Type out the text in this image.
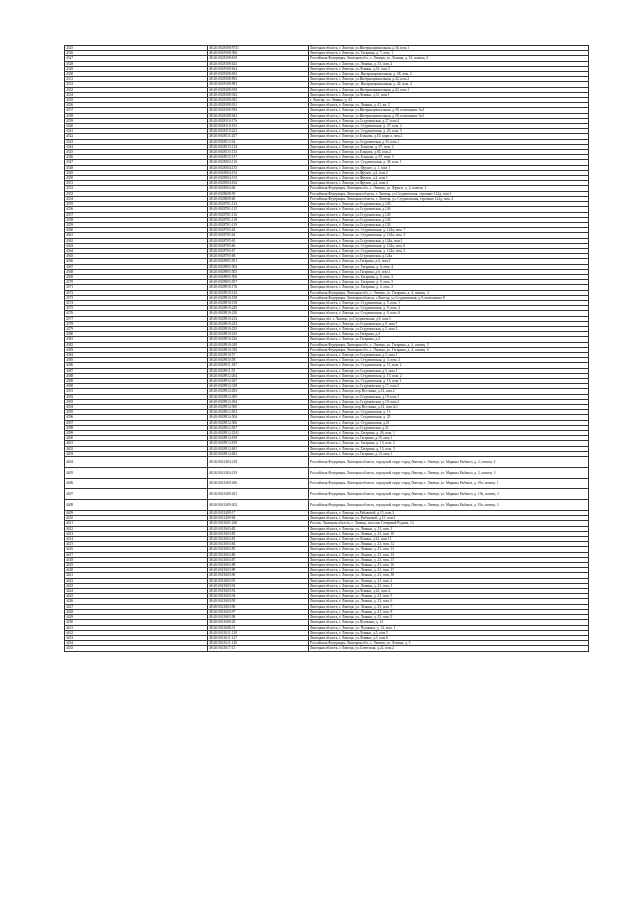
4325	48:20:0028108:9731	Липецкая область, г. Липецк, ул.Интернациональная, д.36, пом.1
4326	48:20:0028108:306	Липецкая область, г. Липецк, ул. Гагарина, д. 7, пом. 1
4327	48:20:0028108:619	Российская Федерация, Липецкая обл., г. Липецк, ул. Ленина, д. 31, помещ. 4
4328	48:20:0028108:623	Липецкая область, г. Липецк, ул. Ленина, д. 33, пом. 2
4329	48:20:0028108:624	Липецкая область, г. Липецк, ул.Ленина, д.33, пом.3
4330	48:20:0028108:832	Липецкая область, г. Липецк, ул. Интернациональная, д. 58, пом. 2
4331	48:20:0028108:892	Липецкая область, г. Липецк, ул.Интернациональная, д.42, пом.2
4332	48:20:0028108:893	Липецкая область, г. Липецк, ул. Интернациональная, д. 42, пом. 4
4333	48:20:0028108:919	Липецкая область, г. Липецк, ул.Интернациональная, д.42, пом.1
4334	48:20:0028108:924	Липецкая область, г. Липецк, ул.Ленина, д.31, пом.1
4335	48:20:0028108:925	г. Липецк, ул. Ленина, д. 43
4336	48:20:0028108:931	Липецкая область, г. Липецк, ул. Ленина, д. 41, кв. 2
4337	48:20:0028108:939	Липецкая область, г. Липецк, ул.Интернациональная, д.58, помещение №4
4338	48:20:0028108:942	Липецкая область, г. Липецк, ул.Интернациональная, д.58, помещение №3
4339	48:20:0028110:176	Липецкая область, г. Липецк, ул.Студеновская, д.27, пом.4
4340	48:20:0028110:192	Липецкая область, г. Липецк, ул. Студеновская, д. 27, пом. 2
4341	48:20:0028110:223	Липецкая область, г. Липецк, ул. Студеновская, д. 25, пом. 5
4342	48:20:0028511:207	Липецкая область, г. Липецк, ул.Ельцова, д.10, корп.а, пом.2
4343	48:20:0028513:54	Липецкая область, г. Липецк, ул.Студеновская, д.33, пом.1
4344	48:20:0028515:134	Липецкая область, г. Липецк, ул. Ельцова, д. 67, пом. 4
4345	48:20:0028515:135	Липецкая область, г. Липецк, ул.Ельцова, д.65, пом.2
4346	48:20:0028515:137	Липецкая область, г. Липецк, ул. Ельцова, д. 67, пом. 3
4347	48:20:0028502:116	Липецкая область, г. Липецк, ул. Студеновская, д. 38, пом. 1
4348	48:20:0028504:135	Липецкая область, г. Липецк, ул. Фрунзе, д. 1, пом. 1
4349	48:20:0028504:154	Липецкая область, г. Липецк, ул.Фрунзе, д.2, пом.2
4350	48:20:0028504:155	Липецкая область, г. Липецк, ул.Фрунзе, д.2, пом.1
4351	48:20:0028504:162	Липецкая область, г. Липецк, ул.Фрунзе, д.2, пом.4
4352	48:20:0028504:40	Российская Федерация, Липецкая обл., г. Липецк, ул. Фрунзе, д. 2, помещ. 1
4353	48:20:0028608:59	Российская Федерация, Липецкая область, г. Липецк, ул.Студеновская, строение 122д, пом.1
4354	48:20:0028608:60	Российская Федерация, Липецкая область, г. Липецк, ул. Студеновская, строение 122д, пом. 2
4355	48:20:0028701:123	Липецкая область, г. Липецк, ул.Студеновская, д.126
4356	48:20:0028701:115	Липецкая область, г. Липецк, ул.Студеновская, д.126
4357	48:20:0028701:116	Липецкая область, г. Липецк, ул.Студеновская, д.126
4358	48:20:0028701:118	Липецкая область, г. Липецк, ул.Студеновская, д.126
4359	48:20:0028701:119	Липецкая область, г. Липецк, ул.Студеновская, д.126
4360	48:20:0028705:63	Липецкая область, г. Липецк, ул. Студеновская, д. 124а, пом. 7
4361	48:20:0028705:64	Липецкая область, г. Липецк, ул. Студеновская, д. 124а, пом. 3
4362	48:20:0028705:65	Липецкая область, г. Липецк, ул.Студеновская, д.124а, пом.1
4363	48:20:0028705:66	Липецкая область, г. Липецк, ул. Студеновская, д. 124а, пом. 6
4364	48:20:0028705:67	Липецкая область, г. Липецк, ул. Студеновская, д. 124а, пом. 5
4365	48:20:0028705:68	Липецкая область, г. Липецк, ул.Студеновская, д.124а
4366	48:20:0028905:501	Липецкая область, г. Липецк, ул.Гагарина, д.6, пом.2
4367	48:20:0028905:504	Липецкая область, г. Липецк, ул. Гагарина, д. 6, пом. 4
4368	48:20:0028905:505	Липецкая область, г. Липецк, ул.Гагарина, д.6, пом.1
4369	48:20:0028905:506	Липецкая область, г. Липецк, ул. Гагарина, д. 6, пом. 3
4370	48:20:0028905:507	Липецкая область, г. Липецк, ул. Гагарина, д. 6, пом. 5
4371	48:20:0028910:176	Липецкая область, г. Липецк, ул. Гагарина, д. 2, пом. 2
4372	48:20:0028910:142	Российская Федерация, Липецкая обл., г. Липецк, ул. Гагарина, д. 4, помещ. 4
4373	48:20:0028910:198	Российская Федерация, Липецкая область, г.Липецк, ул.Студеновская, д.9, помещение 8
4374	48:20:0028910:139	Липецкая область, г. Липецк, ул. Студеновская, д. 5, пом. 1
4375	48:20:0028910:229	Липецкая область, г. Липецк, ул. Студеновская, д. 9, пом. 4
4376	48:20:0028910:230	Липецкая область, г. Липецк, ул. Студеновская, д. 9, пом. 6
4377	48:20:0028910:232	Липецкая обл. г. Липецк, ул.Студеновская, д.9, пом.5
4378	48:20:0028910:233	Липецкая область, г. Липецк, ул.Студеновская, д.9, пом.7
4379	48:20:0028910:235	Липецкая область, г. Липецк, ул.Студеновская, д.5, пом.3
4380	48:20:0028910:235	Липецкая область, г. Липецк, ул.Гагарина, д.4
4381	48:20:0028910:236	Липецкая область, г. Липецк, ул.Гагарина, д.4
4382	48:20:0028910:349	Российская Федерация, Липецкая обл., г. Липецк, ул. Гагарина, д. 4, помещ. 5
4383	48:20:0028910:350	Российская Федерация, Липецкая обл., г. Липецк, ул. Гагарина, д. 4, помещ. 6
4384	48:20:0028910:57	Липецкая область, г. Липецк, ул.Студеновская, д.3, пом.1
4385	48:20:0028910:58	Липецкая область, г. Липецк, ул. Студеновская, д. 3, пом. 2
4386	48:20:0028911:187	Липецкая область, г. Липецк, ул. Студеновская, д. 11, пом. 2
4387	48:20:0028911:55	Липецкая область, г. Липецк, ул.Студеновская, д.5, пом.1
4388	48:20:0028912:264	Липецкая область, г. Липецк, ул. Студеновская, д. 15, пом. 2
4389	48:20:0028912:267	Липецкая область, г. Липецк, ул. Студеновская, д. 15, пом. 1
4390	48:20:0028912:318	Липецкая область, г. Липецк, ул.Студеновская, д.17, пом.5
4391	48:20:0028912:493	Липецкая область, г. Липецк, пер.Вестника, д.14, пом.2
4392	48:20:0028912:495	Липецкая область, г. Липецк, ул.Студеновская, д.19, пом.1
4393	48:20:0028912:494	Липецкая область, г. Липецк, ул.Студеновская, д.19, пом.2
4394	48:20:0028912:500	Липецкая область, г. Липецк, пер.Вестника, д.14, пом.№1
4395	48:20:0028912:503	Липецкая область, г. Липецк, ул. Студеновская, д. 13
4396	48:20:0028912:504	Липецкая область, г. Липецк, ул. Студеновская, д. 25
4397	48:20:0028912:506	Липецкая область, г. Липецк, ул. Студеновская, д.21
4398	48:20:0028912:507	Липецкая область, г. Липецк, ул.Студеновская, д.21
4399	48:20:0028912:2541	Липецкая область, г. Липецк, ул. Гагарина, д. 26, пом. 1
4400	48:20:0028912:818	Липецкая область, г. Липецк, ул.Гагарина, д.15, пом.1
4401	48:20:0028912:819	Липецкая область, г. Липецк, ул. Гагарина, д. 13, пом. 2
4402	48:20:0028912:841	Липецкая область, г. Липецк, ул. Гагарина, д. 13, пом. 3
4403	48:20:0028912:842	Липецкая область, г. Липецк, ул.Гагарина, д.13, пом.1
4404	48:20:0021404:218	Российская Федерация, Липецкая область, городской округ город Липецк, г. Липецк, ул. Марины Рыбаклэ, д. 2, помещ. 2
4405	48:20:0021404:219	Российская Федерация, Липецкая область, городской округ город Липецк, г. Липецк, ул. Марины Рыбаклэ, д. 2, помещ. 3
4406	48:20:0021409:206	Российская Федерация, Липецкая область, городской округ город Липецк, г. Липецк, ул. Марины Рыбакоз, д. 19а, помещ. 1
4407	48:20:0021409:201	Российская Федерация, Липецкая область, городской округ город Липецк, г. Липецк, ул. Марины Рыбаклэ, д. 19а, помещ. 2
4408	48:20:0021409:202	Российская Федерация, Липецкая область, городской округ город Липецк, г. Липецк, ул. Марины Рыбакоз, д. 19а, помещ. 3
4409	48:20:0021409:17	Липецкая область, г. Липецк, ул.Рабаковой, д.15, пом.2
4410	48:20:0021409:68	Липецкая область, г. Липецк, ул. Рыбаковой, д.15, пом.1
4411	48:20:0021601:266	Россия, Липецкая область, г. Липецк, поселок Северный Рудник, 12
4412	48:20:0021603:82	Липецкая область, г. Липецк, ул. Ленина, д. 23, пом. 1
4413	48:20:0021603:85	Липецкая область, г. Липецк, ул. Ленина, д. 23, пом. 10
4414	48:20:0021603:83	Липецкая область, г. Липецк, ул.Ленина, д.23, пом.11
4415	48:20:0021603:84	Липецкая область, г. Липецк, ул. Ленина, д. 23, пом. 12
4416	48:20:0021603:85	Липецкая область, г. Липецк, ул. Ленина, д. 23, пом. 13
4417	48:20:0021603:86	Липецкая область, г. Липецк, ул. Ленина, д. 23, пом. 14
4418	48:20:0021603:87	Липецкая область, г. Липецк, ул. Ленина, д. 23, пом. 15
4419	48:20:0021603:88	Липецкая область, г. Липецк, ул. Ленина, д. 23, пом. 16
4420	48:20:0021603:89	Липецкая область, г. Липецк, ул. Ленина, д. 23, пом. 37
4421	48:20:0021603:90	Липецкая область, г. Липецк, ул. Ленина, д. 23, пом. 38
4422	48:20:0021603:91	Липецкая область, г. Липецк, ул. Ленина, д. 23, пом. 2
4423	48:20:0021603:92	Липецкая область, г. Липецк, ул. Ленина, д. 23, пом. 3
4424	48:20:0021603:93	Липецкая область, г. Липецк, ул.Ленина, д.23, пом.4
4425	48:20:0021603:94	Липецкая область, г. Липецк, ул. Ленина, д. 23, пом. 5
4426	48:20:0021603:95	Липецкая область, г. Липецк, ул. Ленина, д. 23, пом. 6
4427	48:20:0021603:96	Липецкая область, г. Липецк, ул. Ленина, д. 23, пом. 7
4428	48:20:0021603:97	Липецкая область, г. Липецк, ул. Ленина, д. 23, пом. 8
4429	48:20:0021603:98	Липецкая область, г. Липецк, ул. Ленина, д. 23, пом. 9
4430	48:20:0021608:29	Липецкая область, г. Липецк, ул.Пушкина, д. 14
4431	48:20:0021608:51	Липецкая область, г. Липецк, ул. Пушкина, д. 14, пом. 1
4432	48:20:0021611:120	Липецкая область, г. Липецк, ул.Ленина, д.5, пом.5
4433	48:20:0021611:127	Липецкая область, г. Липецк, ул.Ленина, д.5, пом.6
4434	48:20:0021611:128	Российская Федерация, Липецкая обл., г. Липецк, ул. Ленина, д. 5
4435	48:20:0021617:13	Липецкая область, г. Липецк, ул.Советская, д.22, пом.2
